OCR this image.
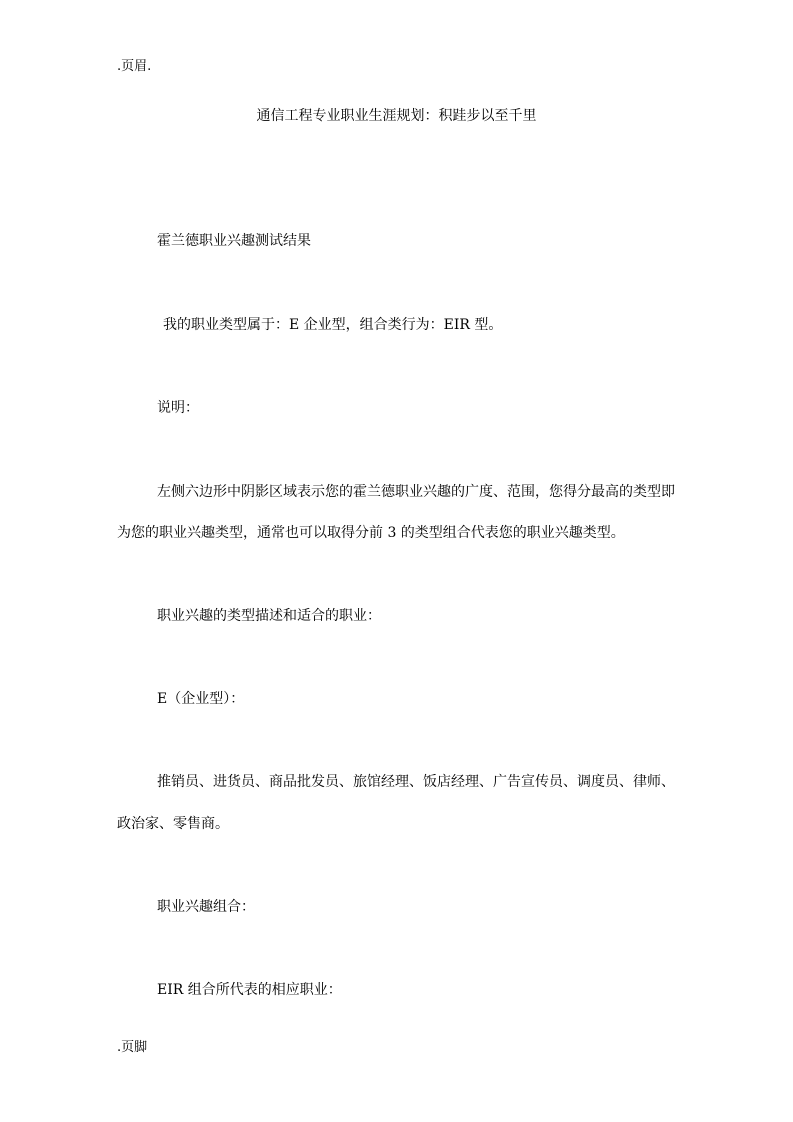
.页眉.
通信工程专业职业生涯规划：积跬步以至千里
霍兰德职业兴趣测试结果
我的职业类型属于：E 企业型，组合类行为：EIR 型。
说明：
左侧六边形中阴影区域表示您的霍兰德职业兴趣的广度、范围，您得分最高的类型即
为您的职业兴趣类型，通常也可以取得分前 3 的类型组合代表您的职业兴趣类型。
职业兴趣的类型描述和适合的职业：
E（企业型）：
推销员、进货员、商品批发员、旅馆经理、饭店经理、广告宣传员、调度员、律师、
政治家、零售商。
职业兴趣组合：
EIR 组合所代表的相应职业：
.页脚
